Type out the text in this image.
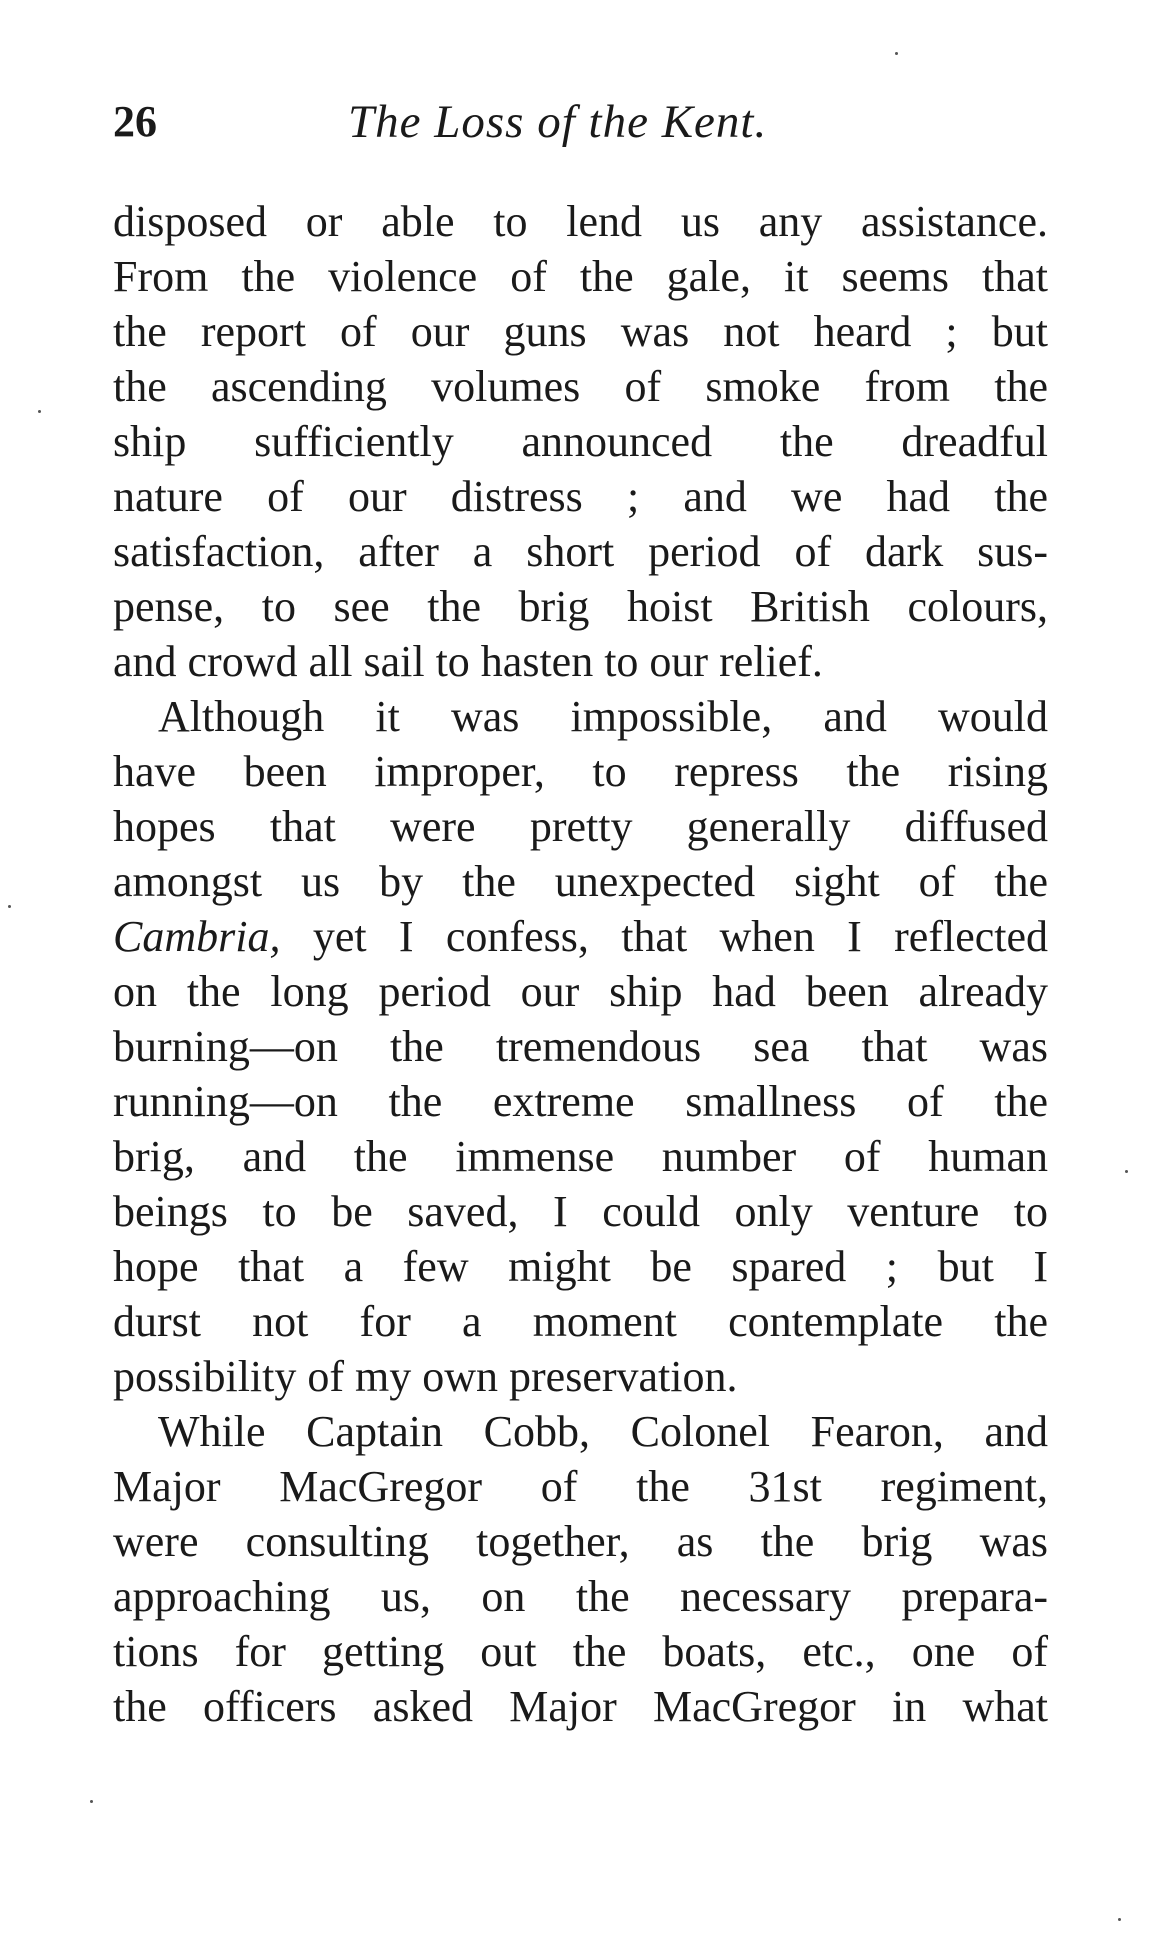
26	The Loss of the Kent.
disposed or able to lend us any assistance.
From the violence of the gale, it seems that
the report of our guns was not heard ; but
the ascending volumes of smoke from the
ship sufficiently announced the dreadful
nature of our distress ; and we had the
satisfaction, after a short period of dark sus-
pense, to see the brig hoist British colours,
and crowd all sail to hasten to our relief.
Although it was impossible, and would
have been improper, to repress the rising
hopes that were pretty generally diffused
amongst us by the unexpected sight of the
Cambria, yet I confess, that when I reflected
on the long period our ship had been already
burning—on the tremendous sea that was
running—on the extreme smallness of the
brig, and the immense number of human
beings to be saved, I could only venture to
hope that a few might be spared ; but I
durst not for a moment contemplate the
possibility of my own preservation.
While Captain Cobb, Colonel Fearon, and
Major MacGregor of the 31st regiment,
were consulting together, as the brig was
approaching us, on the necessary prepara-
tions for getting out the boats, etc., one of
the officers asked Major MacGregor in what
